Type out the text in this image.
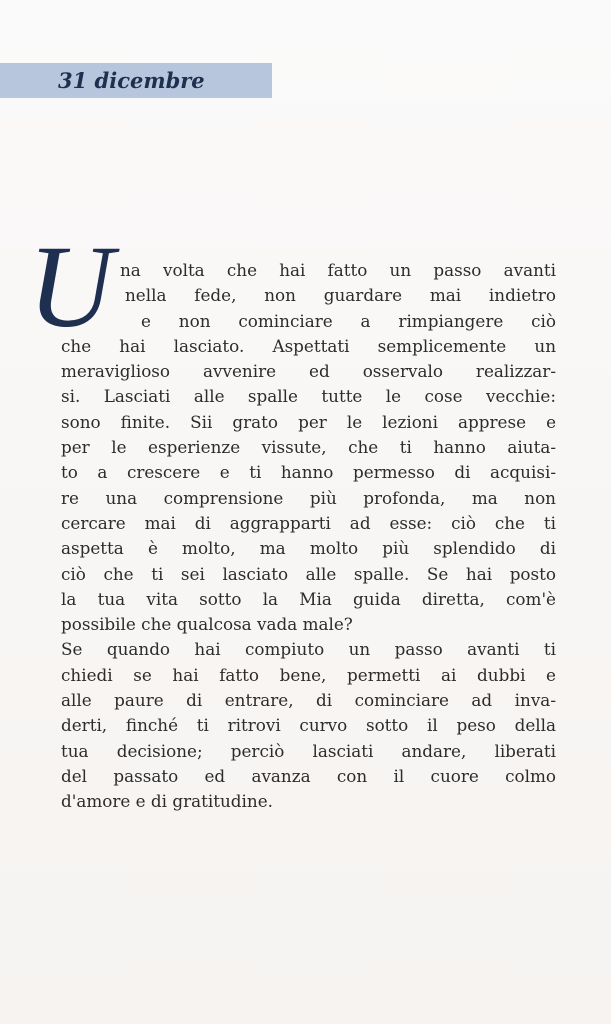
31 dicembre
U na volta che hai fatto un passo avanti
nella fede, non guardare mai indietro
e non cominciare a rimpiangere ciò
che hai lasciato. Aspettati semplicemente un
meraviglioso avvenire ed osservalo realizzar-
si. Lasciati alle spalle tutte le cose vecchie:
sono finite. Sii grato per le lezioni apprese e
per le esperienze vissute, che ti hanno aiuta-
to a crescere e ti hanno permesso di acquisi-
re una comprensione più profonda, ma non
cercare mai di aggrapparti ad esse: ciò che ti
aspetta è molto, ma molto più splendido di
ciò che ti sei lasciato alle spalle. Se hai posto
la tua vita sotto la Mia guida diretta, com'è
possibile che qualcosa vada male?
Se quando hai compiuto un passo avanti ti
chiedi se hai fatto bene, permetti ai dubbi e
alle paure di entrare, di cominciare ad inva-
derti, finché ti ritrovi curvo sotto il peso della
tua decisione; perciò lasciati andare, liberati
del passato ed avanza con il cuore colmo
d'amore e di gratitudine.
